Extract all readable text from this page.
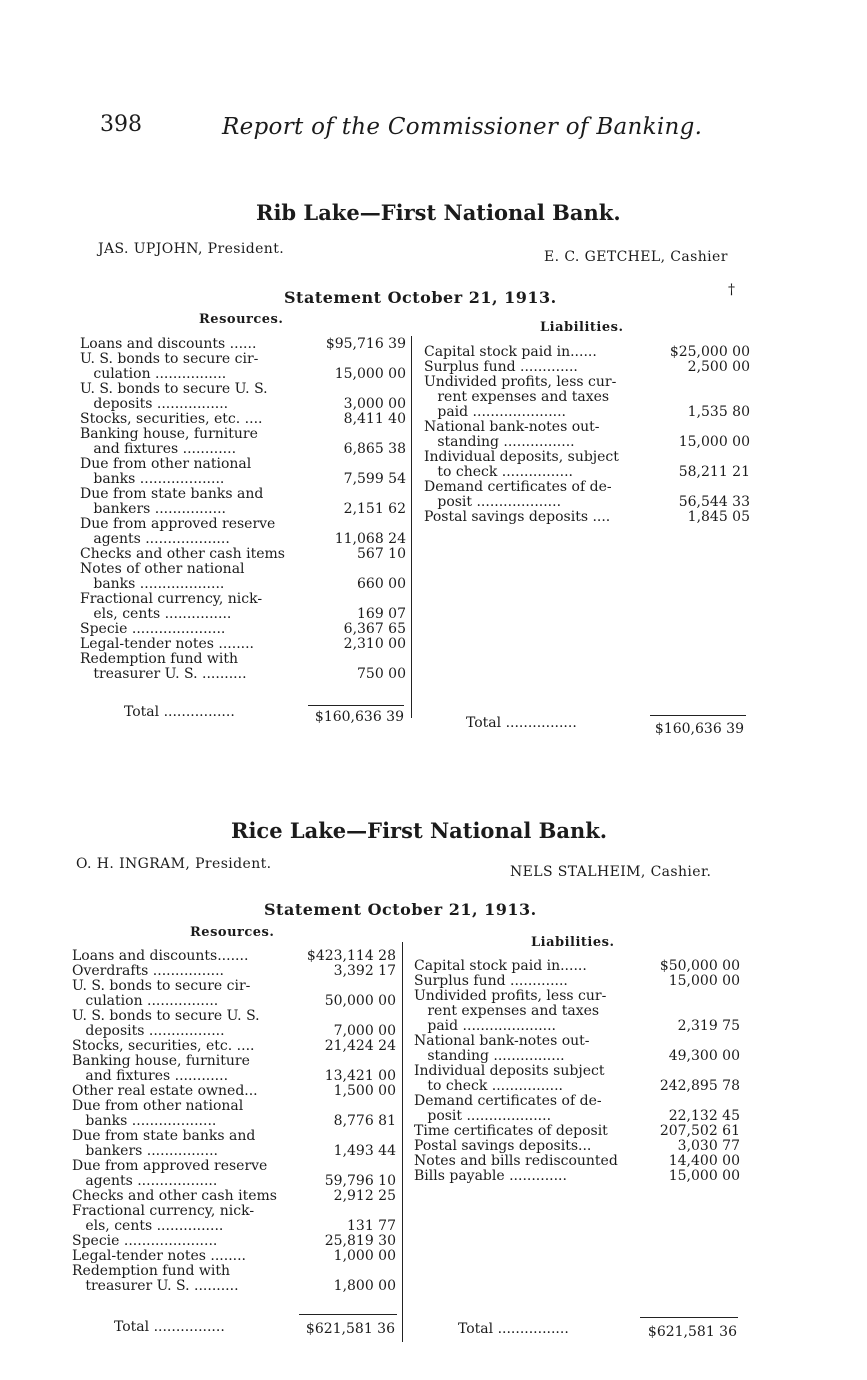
398	Report of the Commissioner of Banking.
Rib Lake—First National Bank.
JAS. UPJOHN, President.	E. C. GETCHEL, Cashier
Statement October 21, 1913.
Resources.
Liabilities.
Loans and discounts ......	$95,716 39
U. S. bonds to secure cir-
culation ................	15,000 00
U. S. bonds to secure U. S.
deposits ................	3,000 00
Stocks, securities, etc. ....	8,411 40
Banking house, furniture
and fixtures ............	6,865 38
Due from other national
banks ...................	7,599 54
Due from state banks and
bankers ................	2,151 62
Due from approved reserve
agents ...................	11,068 24
Checks and other cash items	567 10
Notes of other national
banks ...................	660 00
Fractional currency, nick-
els, cents ...............	169 07
Specie .....................	6,367 65
Legal-tender notes ........	2,310 00
Redemption fund with
treasurer U. S. ..........	750 00
Capital stock paid in......	$25,000 00
Surplus fund .............	2,500 00
Undivided profits, less cur-
rent expenses and taxes
paid .....................	1,535 80
National bank-notes out-
standing ................	15,000 00
Individual deposits, subject
to check ................	58,211 21
Demand certificates of de-
posit ...................	56,544 33
Postal savings deposits ....	1,845 05
Total ................	$160,636 39	Total ................	$160,636 39
Rice Lake—First National Bank.
O. H. INGRAM, President.	NELS STALHEIM, Cashier.
Statement October 21, 1913.
Resources.
Liabilities.
Loans and discounts.......	$423,114 28
Overdrafts ................	3,392 17
U. S. bonds to secure cir-
culation ................	50,000 00
U. S. bonds to secure U. S.
deposits .................	7,000 00
Stocks, securities, etc. ....	21,424 24
Banking house, furniture
and fixtures ............	13,421 00
Other real estate owned...	1,500 00
Due from other national
banks ...................	8,776 81
Due from state banks and
bankers ................	1,493 44
Due from approved reserve
agents ..................	59,796 10
Checks and other cash items	2,912 25
Fractional currency, nick-
els, cents ...............	131 77
Specie .....................	25,819 30
Legal-tender notes ........	1,000 00
Redemption fund with
treasurer U. S. ..........	1,800 00
Capital stock paid in......	$50,000 00
Surplus fund .............	15,000 00
Undivided profits, less cur-
rent expenses and taxes
paid .....................	2,319 75
National bank-notes out-
standing ................	49,300 00
Individual deposits subject
to check ................	242,895 78
Demand certificates of de-
posit ...................	22,132 45
Time certificates of deposit	207,502 61
Postal savings deposits...	3,030 77
Notes and bills rediscounted	14,400 00
Bills payable .............	15,000 00
Total ................	$621,581 36	Total ................	$621,581 36
†
